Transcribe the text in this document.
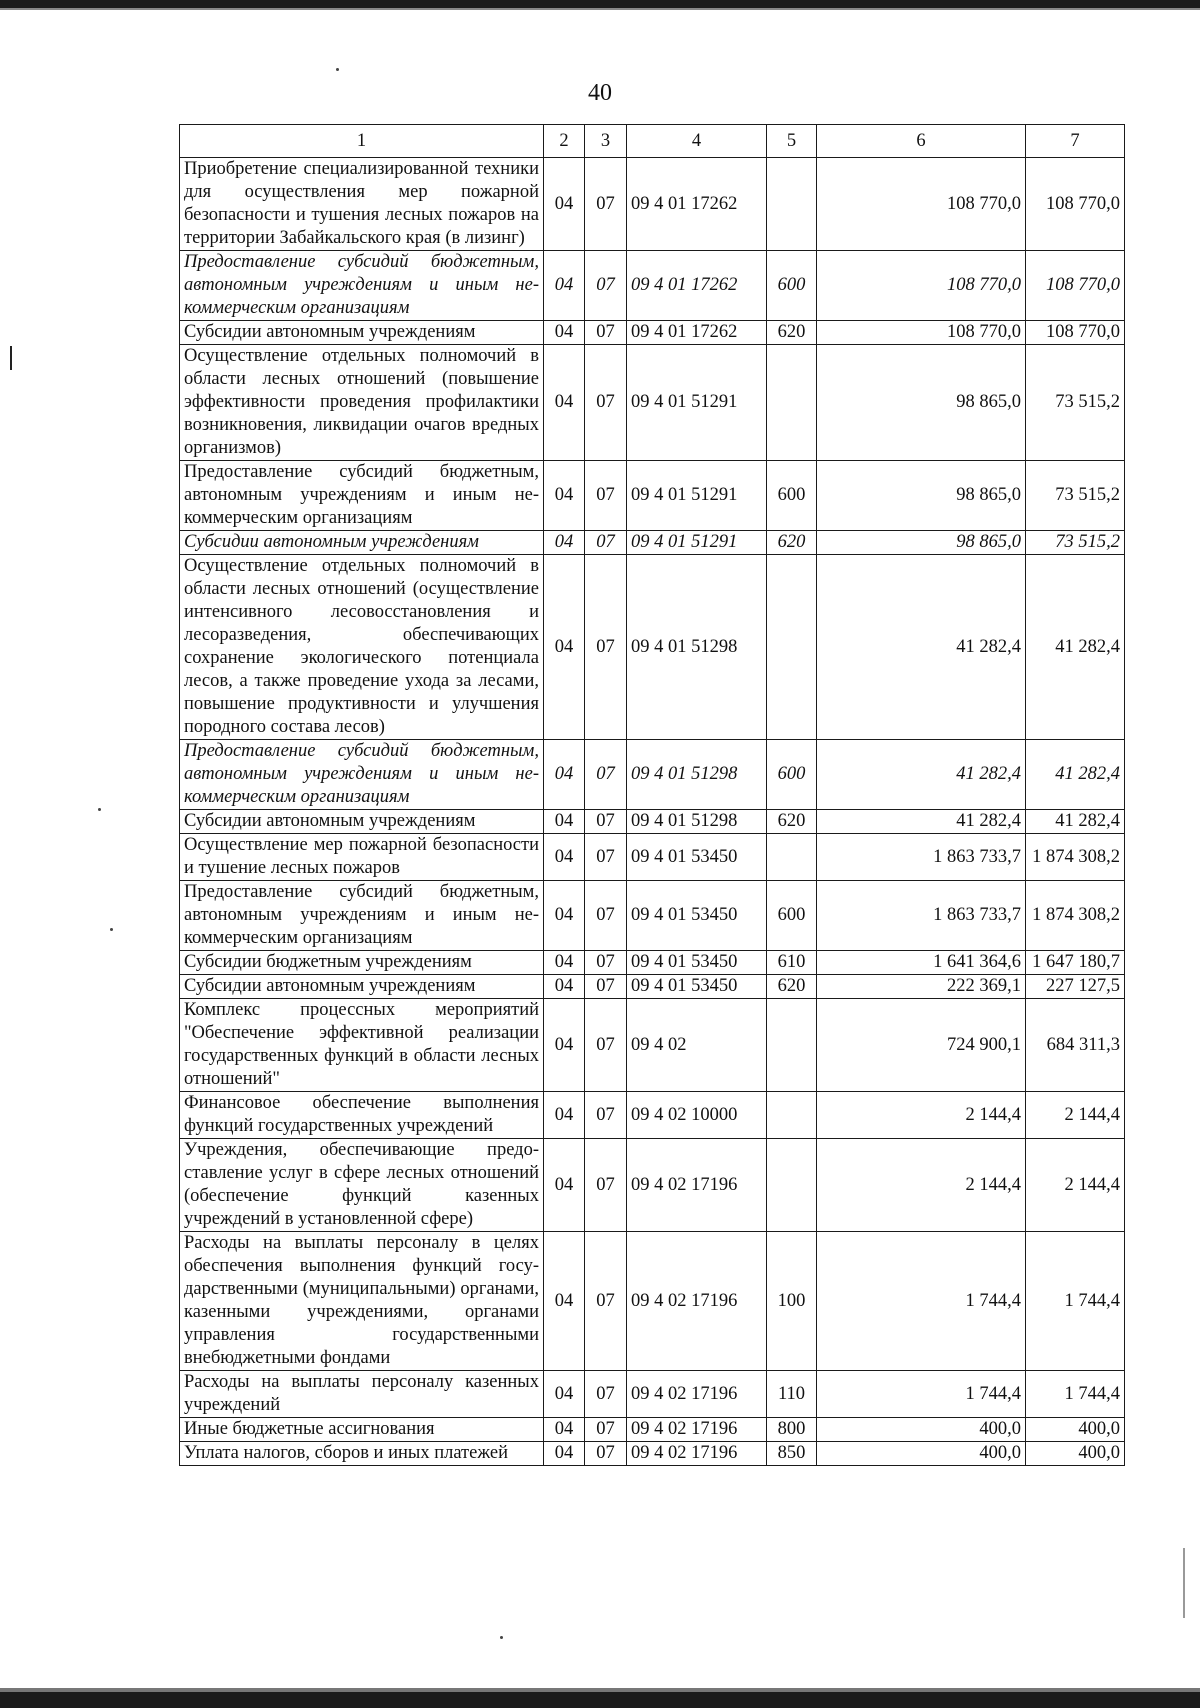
40
1	2	3	4	5	6	7
Приобретение специализированной техники для осуществления мер пожарной безопасности и тушения лесных пожаров на территории Забайкальского края (в лизинг)	04	07	09 4 01 17262		108 770,0	108 770,0
Предоставление субсидий бюджетным, автономным учреждениям и иным некоммерческим организациям	04	07	09 4 01 17262	600	108 770,0	108 770,0
Субсидии автономным учреждениям	04	07	09 4 01 17262	620	108 770,0	108 770,0
Осуществление отдельных полномочий в области лесных отношений (повышение эффективности проведения профилактики возникновения, ликвидации очагов вредных организмов)	04	07	09 4 01 51291		98 865,0	73 515,2
Предоставление субсидий бюджетным, автономным учреждениям и иным некоммерческим организациям	04	07	09 4 01 51291	600	98 865,0	73 515,2
Субсидии автономным учреждениям	04	07	09 4 01 51291	620	98 865,0	73 515,2
Осуществление отдельных полномочий в области лесных отношений (осуществление интенсивного лесовосстановления и лесоразведения, обеспечивающих сохранение экологического потенциала лесов, а также проведение ухода за лесами, повышение продуктивности и улучшения породного состава лесов)	04	07	09 4 01 51298		41 282,4	41 282,4
Предоставление субсидий бюджетным, автономным учреждениям и иным некоммерческим организациям	04	07	09 4 01 51298	600	41 282,4	41 282,4
Субсидии автономным учреждениям	04	07	09 4 01 51298	620	41 282,4	41 282,4
Осуществление мер пожарной безопасности и тушение лесных пожаров	04	07	09 4 01 53450		1 863 733,7	1 874 308,2
Предоставление субсидий бюджетным, автономным учреждениям и иным некоммерческим организациям	04	07	09 4 01 53450	600	1 863 733,7	1 874 308,2
Субсидии бюджетным учреждениям	04	07	09 4 01 53450	610	1 641 364,6	1 647 180,7
Субсидии автономным учреждениям	04	07	09 4 01 53450	620	222 369,1	227 127,5
Комплекс процессных мероприятий "Обеспечение эффективной реализации государственных функций в области лесных отношений"	04	07	09 4 02		724 900,1	684 311,3
Финансовое обеспечение выполнения функций государственных учреждений	04	07	09 4 02 10000		2 144,4	2 144,4
Учреждения, обеспечивающие предоставление услуг в сфере лесных отношений (обеспечение функций казенных учреждений в установленной сфере)	04	07	09 4 02 17196		2 144,4	2 144,4
Расходы на выплаты персоналу в целях обеспечения выполнения функций государственными (муниципальными) органами, казенными учреждениями, органами управления государственными внебюджетными фондами	04	07	09 4 02 17196	100	1 744,4	1 744,4
Расходы на выплаты персоналу казенных учреждений	04	07	09 4 02 17196	110	1 744,4	1 744,4
Иные бюджетные ассигнования	04	07	09 4 02 17196	800	400,0	400,0
Уплата налогов, сборов и иных платежей	04	07	09 4 02 17196	850	400,0	400,0
